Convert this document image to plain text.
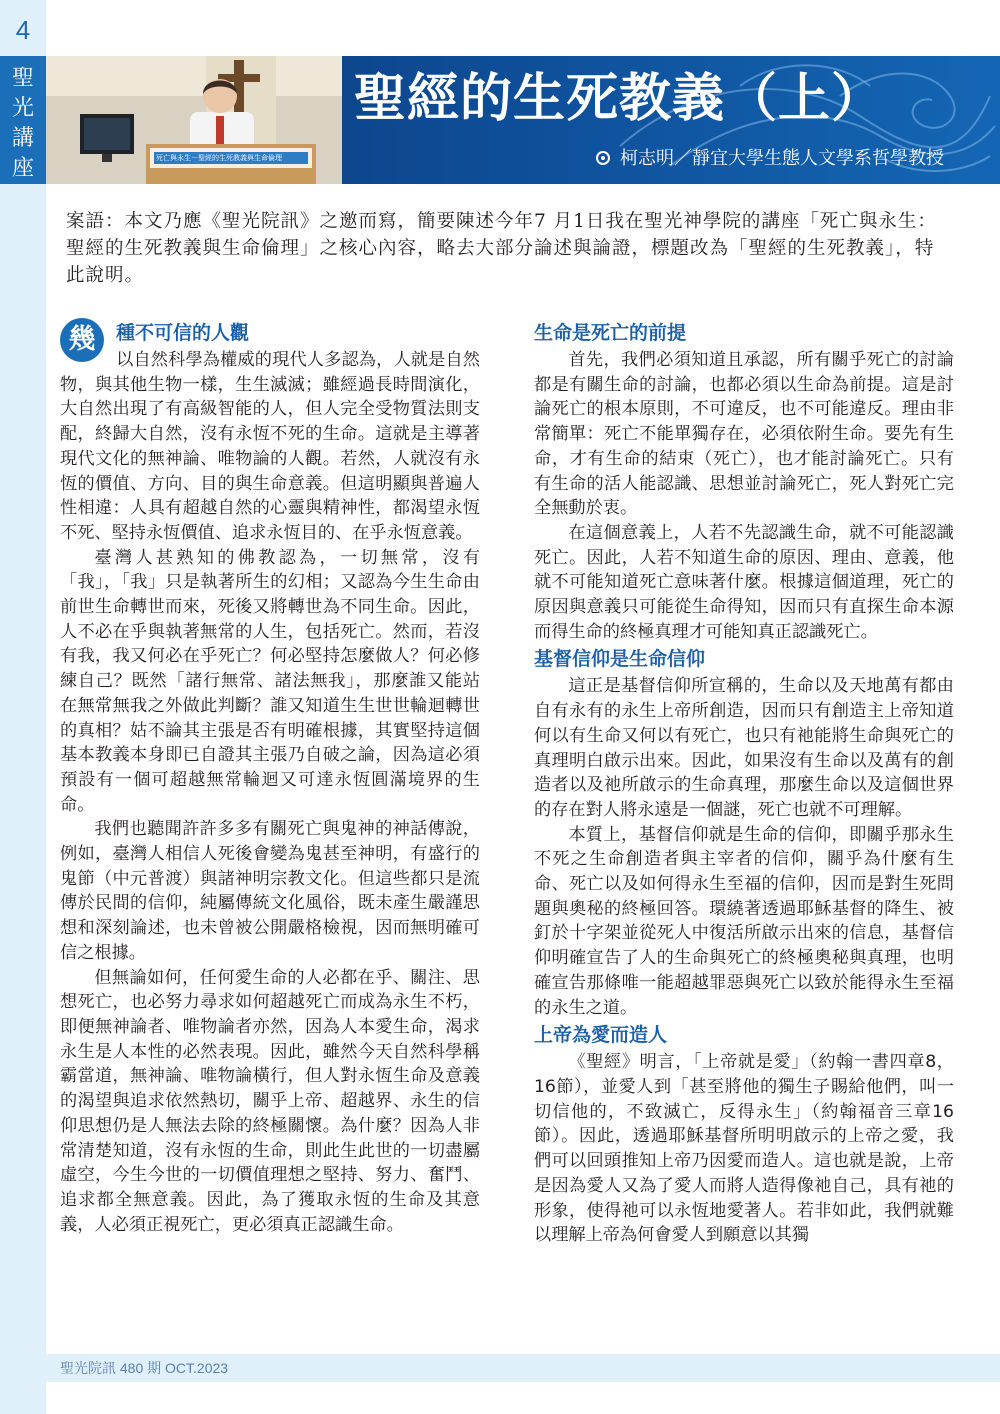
4
聖
光
講
座	死亡與永生－聖經的生死教義與生命倫理
聖經的生死教義（上）
柯志明／靜宜大學生態人文學系哲學教授
案語：本文乃應《聖光院訊》之邀而寫，簡要陳述今年7 月1日我在聖光神學院的講座「死亡與永生：聖經的生死教義與生命倫理」之核心內容，略去大部分論述與論證，標題改為「聖經的生死教義」，特此說明。
幾	種不可信的人觀

以自然科學為權威的現代人多認為，人就是自然物，與其他生物一樣，生生滅滅；雖經過長時間演化，大自然出現了有高級智能的人，但人完全受物質法則支配，終歸大自然，沒有永恆不死的生命。這就是主導著現代文化的無神論、唯物論的人觀。若然，人就沒有永恆的價值、方向、目的與生命意義。但這明顯與普遍人性相違：人具有超越自然的心靈與精神性，都渴望永恆不死、堅持永恆價值、追求永恆目的、在乎永恆意義。

臺灣人甚熟知的佛教認為，一切無常，沒有「我」，「我」只是執著所生的幻相；又認為今生生命由前世生命轉世而來，死後又將轉世為不同生命。因此，人不必在乎與執著無常的人生，包括死亡。然而，若沒有我，我又何必在乎死亡？何必堅持怎麼做人？何必修練自己？既然「諸行無常、諸法無我」，那麼誰又能站在無常無我之外做此判斷？誰又知道生生世世輪迴轉世的真相？姑不論其主張是否有明確根據，其實堅持這個基本教義本身即已自證其主張乃自破之論，因為這必須預設有一個可超越無常輪迴又可達永恆圓滿境界的生命。

我們也聽聞許許多多有關死亡與鬼神的神話傳說，例如，臺灣人相信人死後會變為鬼甚至神明，有盛行的鬼節（中元普渡）與諸神明宗教文化。但這些都只是流傳於民間的信仰，純屬傳統文化風俗，既未產生嚴謹思想和深刻論述，也未曾被公開嚴格檢視，因而無明確可信之根據。

但無論如何，任何愛生命的人必都在乎、關注、思想死亡，也必努力尋求如何超越死亡而成為永生不朽，即便無神論者、唯物論者亦然，因為人本愛生命，渴求永生是人本性的必然表現。因此，雖然今天自然科學稱霸當道，無神論、唯物論橫行，但人對永恆生命及意義的渴望與追求依然熱切，關乎上帝、超越界、永生的信仰思想仍是人無法去除的終極關懷。為什麼？因為人非常清楚知道，沒有永恆的生命，則此生此世的一切盡屬虛空，今生今世的一切價值理想之堅持、努力、奮鬥、追求都全無意義。因此，為了獲取永恆的生命及其意義，人必須正視死亡，更必須真正認識生命。

生命是死亡的前提

首先，我們必須知道且承認，所有關乎死亡的討論都是有關生命的討論，也都必須以生命為前提。這是討論死亡的根本原則，不可違反，也不可能違反。理由非常簡單：死亡不能單獨存在，必須依附生命。要先有生命，才有生命的結束（死亡），也才能討論死亡。只有有生命的活人能認識、思想並討論死亡，死人對死亡完全無動於衷。

在這個意義上，人若不先認識生命，就不可能認識死亡。因此，人若不知道生命的原因、理由、意義，他就不可能知道死亡意味著什麼。根據這個道理，死亡的原因與意義只可能從生命得知，因而只有直探生命本源而得生命的終極真理才可能知真正認識死亡。

基督信仰是生命信仰

這正是基督信仰所宣稱的，生命以及天地萬有都由自有永有的永生上帝所創造，因而只有創造主上帝知道何以有生命又何以有死亡，也只有祂能將生命與死亡的真理明白啟示出來。因此，如果沒有生命以及萬有的創造者以及祂所啟示的生命真理，那麼生命以及這個世界的存在對人將永遠是一個謎，死亡也就不可理解。

本質上，基督信仰就是生命的信仰，即關乎那永生不死之生命創造者與主宰者的信仰，關乎為什麼有生命、死亡以及如何得永生至福的信仰，因而是對生死問題與奧秘的終極回答。環繞著透過耶穌基督的降生、被釘於十字架並從死人中復活所啟示出來的信息，基督信仰明確宣告了人的生命與死亡的終極奧秘與真理，也明確宣告那條唯一能超越罪惡與死亡以致於能得永生至福的永生之道。

上帝為愛而造人

《聖經》明言，「上帝就是愛」（約翰一書四章8，16節），並愛人到「甚至將他的獨生子賜給他們，叫一切信他的，不致滅亡，反得永生」（約翰福音三章16節）。因此，透過耶穌基督所明明啟示的上帝之愛，我們可以回頭推知上帝乃因愛而造人。這也就是說，上帝是因為愛人又為了愛人而將人造得像祂自己，具有祂的形象，使得祂可以永恆地愛著人。若非如此，我們就難以理解上帝為何會愛人到願意以其獨

聖光院訊 480 期 OCT.2023
